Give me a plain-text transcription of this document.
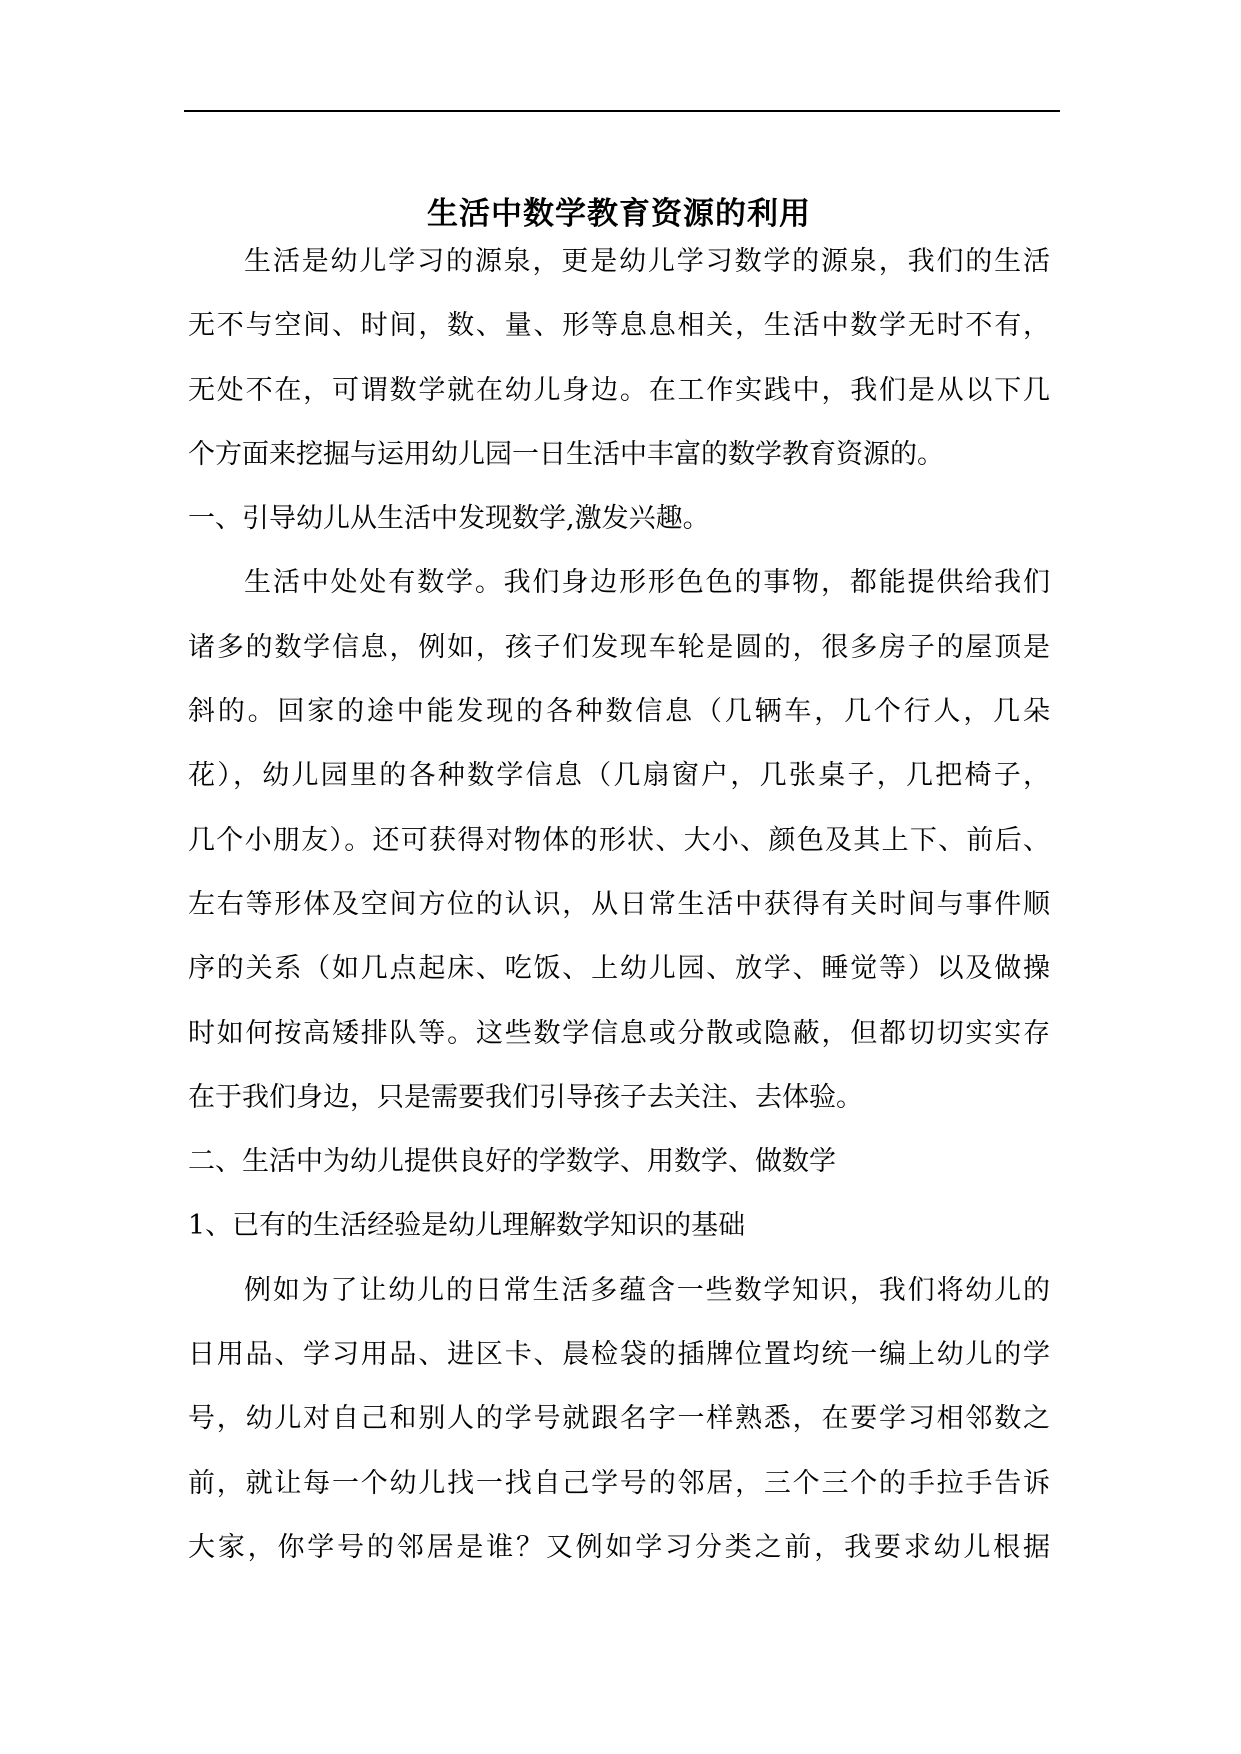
生活中数学教育资源的利用
生活是幼儿学习的源泉，更是幼儿学习数学的源泉，我们的生活
无不与空间、时间，数、量、形等息息相关，生活中数学无时不有，
无处不在，可谓数学就在幼儿身边。在工作实践中，我们是从以下几
个方面来挖掘与运用幼儿园一日生活中丰富的数学教育资源的。
一、引导幼儿从生活中发现数学,激发兴趣。
生活中处处有数学。我们身边形形色色的事物，都能提供给我们
诸多的数学信息，例如，孩子们发现车轮是圆的，很多房子的屋顶是
斜的。回家的途中能发现的各种数信息（几辆车，几个行人，几朵
花），幼儿园里的各种数学信息（几扇窗户，几张桌子，几把椅子，
几个小朋友）。还可获得对物体的形状、大小、颜色及其上下、前后、
左右等形体及空间方位的认识，从日常生活中获得有关时间与事件顺
序的关系（如几点起床、吃饭、上幼儿园、放学、睡觉等）以及做操
时如何按高矮排队等。这些数学信息或分散或隐蔽，但都切切实实存
在于我们身边，只是需要我们引导孩子去关注、去体验。
二、生活中为幼儿提供良好的学数学、用数学、做数学
1、已有的生活经验是幼儿理解数学知识的基础
例如为了让幼儿的日常生活多蕴含一些数学知识，我们将幼儿的
日用品、学习用品、进区卡、晨检袋的插牌位置均统一编上幼儿的学
号，幼儿对自己和别人的学号就跟名字一样熟悉，在要学习相邻数之
前，就让每一个幼儿找一找自己学号的邻居，三个三个的手拉手告诉
大家，你学号的邻居是谁？又例如学习分类之前，我要求幼儿根据
